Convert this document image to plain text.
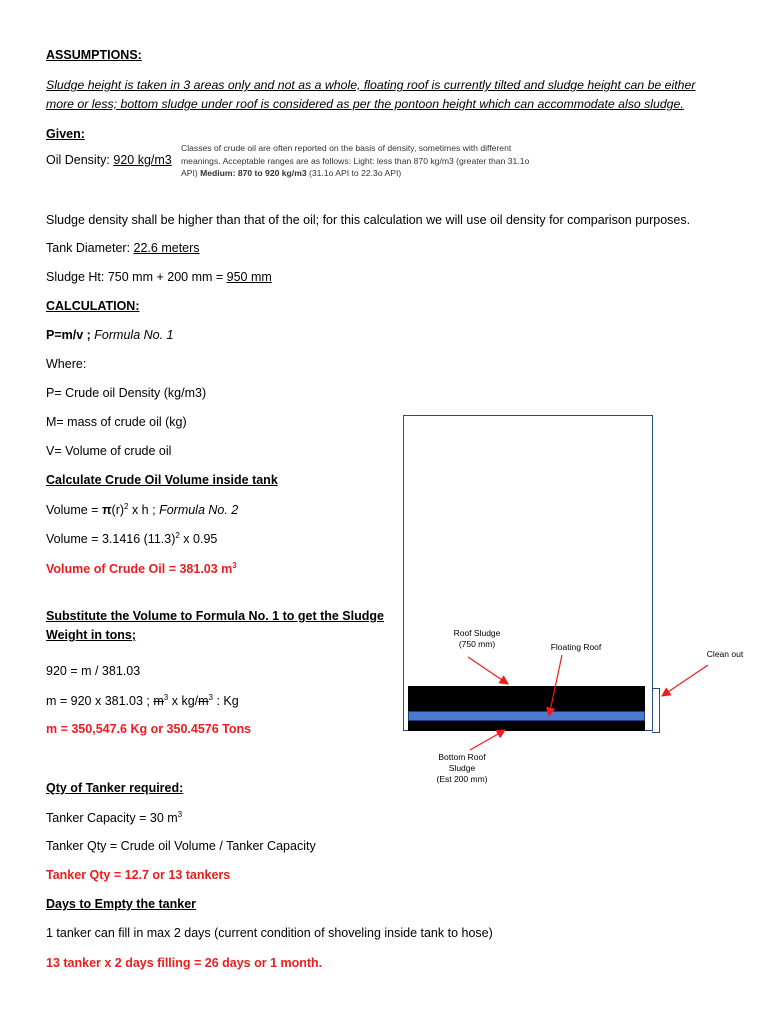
ASSUMPTIONS:
Sludge height is taken in 3 areas only and not as a whole, floating roof is currently tilted and sludge height can be either
more or less; bottom sludge under roof is considered as per the pontoon height which can accommodate also sludge.
Given:
Oil Density: 920 kg/m3
Classes of crude oil are often reported on the basis of density, sometimes with different
meanings. Acceptable ranges are as follows: Light: less than 870 kg/m3 (greater than 31.1o
API) Medium: 870 to 920 kg/m3 (31.1o API to 22.3o API)
Sludge density shall be higher than that of the oil; for this calculation we will use oil density for comparison purposes.
Tank Diameter: 22.6 meters
Sludge Ht: 750 mm + 200 mm = 950 mm
CALCULATION:
P=m/v ; Formula No. 1
Where:
P= Crude oil Density (kg/m3)
M= mass of crude oil (kg)
V= Volume of crude oil
Calculate Crude Oil Volume inside tank
Volume = $\pi(r)^2$ x h ; Formula No. 2
Volume = 3.1416 $(11.3)^2$ x 0.95
Volume of Crude Oil = 381.03 $m^3$
Substitute the Volume to Formula No. 1 to get the Sludge
Weight in tons;
920 = m / 381.03
m = 920 x 381.03 ; $m^3$ x $kg/m^3$ : Kg
m = 350,547.6 Kg or 350.4576 Tons
Qty of Tanker required:
Tanker Capacity = 30 $m^3$
Tanker Qty = Crude oil Volume / Tanker Capacity
Tanker Qty = 12.7 or 13 tankers
Days to Empty the tanker
1 tanker can fill in max 2 days (current condition of shoveling inside tank to hose)
13 tanker x 2 days filling = 26 days or 1 month.
Roof Sludge
(750 mm)	Floating Roof
Clean out
Bottom Roof
Sludge
(Est 200 mm)
